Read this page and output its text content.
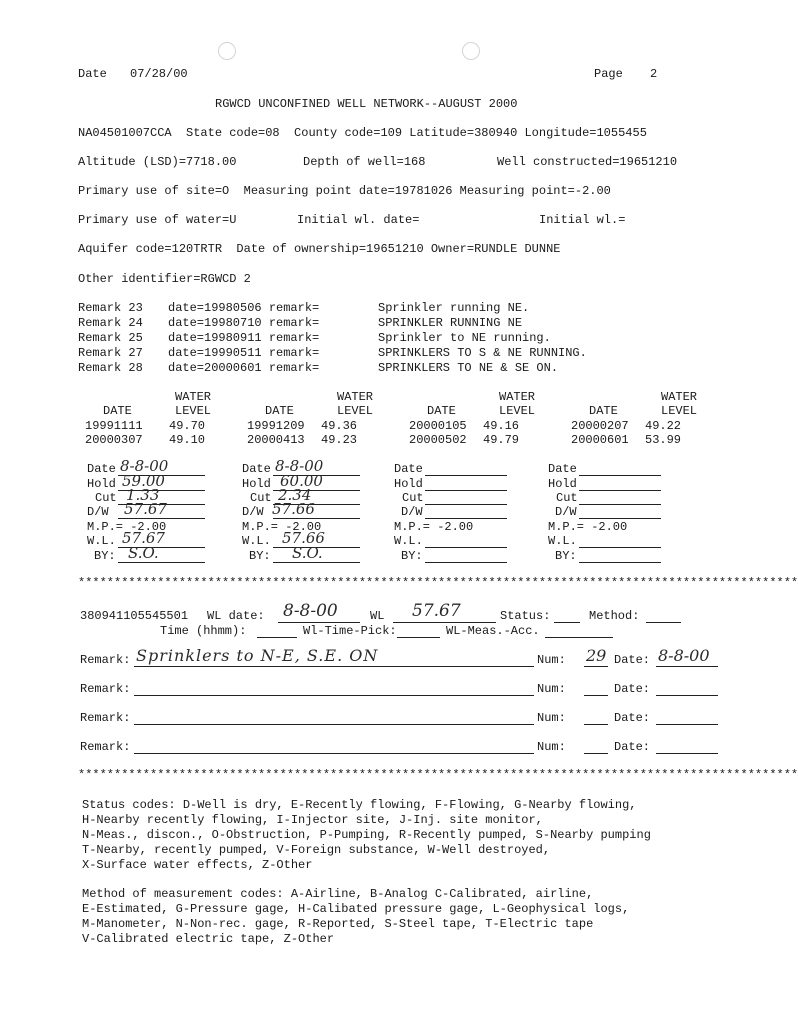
Date 07/28/00	Page 2
RGWCD UNCONFINED WELL NETWORK--AUGUST 2000
NA04501007CCA  State code=08  County code=109 Latitude=380940 Longitude=1055455
Altitude (LSD)=7718.00	Depth of well=168	Well constructed=19651210
Primary use of site=O  Measuring point date=19781026 Measuring point=-2.00
Primary use of water=U	Initial wl. date=	Initial wl.=
Aquifer code=120TRTR  Date of ownership=19651210 Owner=RUNDLE DUNNE
Other identifier=RGWCD 2
Remark 23 date=19980506 remark=	Sprinkler running NE.
Remark 24 date=19980710 remark=	SPRINKLER RUNNING NE
Remark 25 date=19980911 remark=	Sprinkler to NE running.
Remark 27 date=19990511 remark=	SPRINKLERS TO S & NE RUNNING.
Remark 28 date=20000601 remark=	SPRINKLERS TO NE & SE ON.
WATER	WATER	WATER	WATER
DATE	LEVEL	DATE	LEVEL	DATE	LEVEL	DATE	LEVEL
19991111 49.70	19991209 49.36	20000105 49.16	20000207 49.22
20000307 49.10	20000413 49.23	20000502 49.79	20000601 53.99
Date 8-8-00
Hold 59.00
Cut 1.33
D/W 57.67
M.P.= -2.00
W.L. 57.67
BY: S.O.
Date 8-8-00
Hold 60.00
Cut 2.34
D/W 57.66
M.P.= -2.00
W.L. 57.66
BY: S.O.
Date
Hold
Cut
D/W
M.P.= -2.00
W.L.
BY:
Date
Hold
Cut
D/W
M.P.= -2.00
W.L.
BY:
****************************************************************************************************
380941105545501 WL date: 8-8-00	WL 57.67	Status:	Method:
Time (hhmm):	Wl-Time-Pick:	WL-Meas.-Acc.
Remark: Sprinklers to N-E, S.E. ON	Num: 29 Date: 8-8-00
Remark:	Num:	Date:
Remark:	Num:	Date:
Remark:	Num:	Date:
****************************************************************************************************
Status codes: D-Well is dry, E-Recently flowing, F-Flowing, G-Nearby flowing,
H-Nearby recently flowing, I-Injector site, J-Inj. site monitor,
N-Meas., discon., O-Obstruction, P-Pumping, R-Recently pumped, S-Nearby pumping
T-Nearby, recently pumped, V-Foreign substance, W-Well destroyed,
X-Surface water effects, Z-Other
Method of measurement codes: A-Airline, B-Analog C-Calibrated, airline,
E-Estimated, G-Pressure gage, H-Calibated pressure gage, L-Geophysical logs,
M-Manometer, N-Non-rec. gage, R-Reported, S-Steel tape, T-Electric tape
V-Calibrated electric tape, Z-Other
